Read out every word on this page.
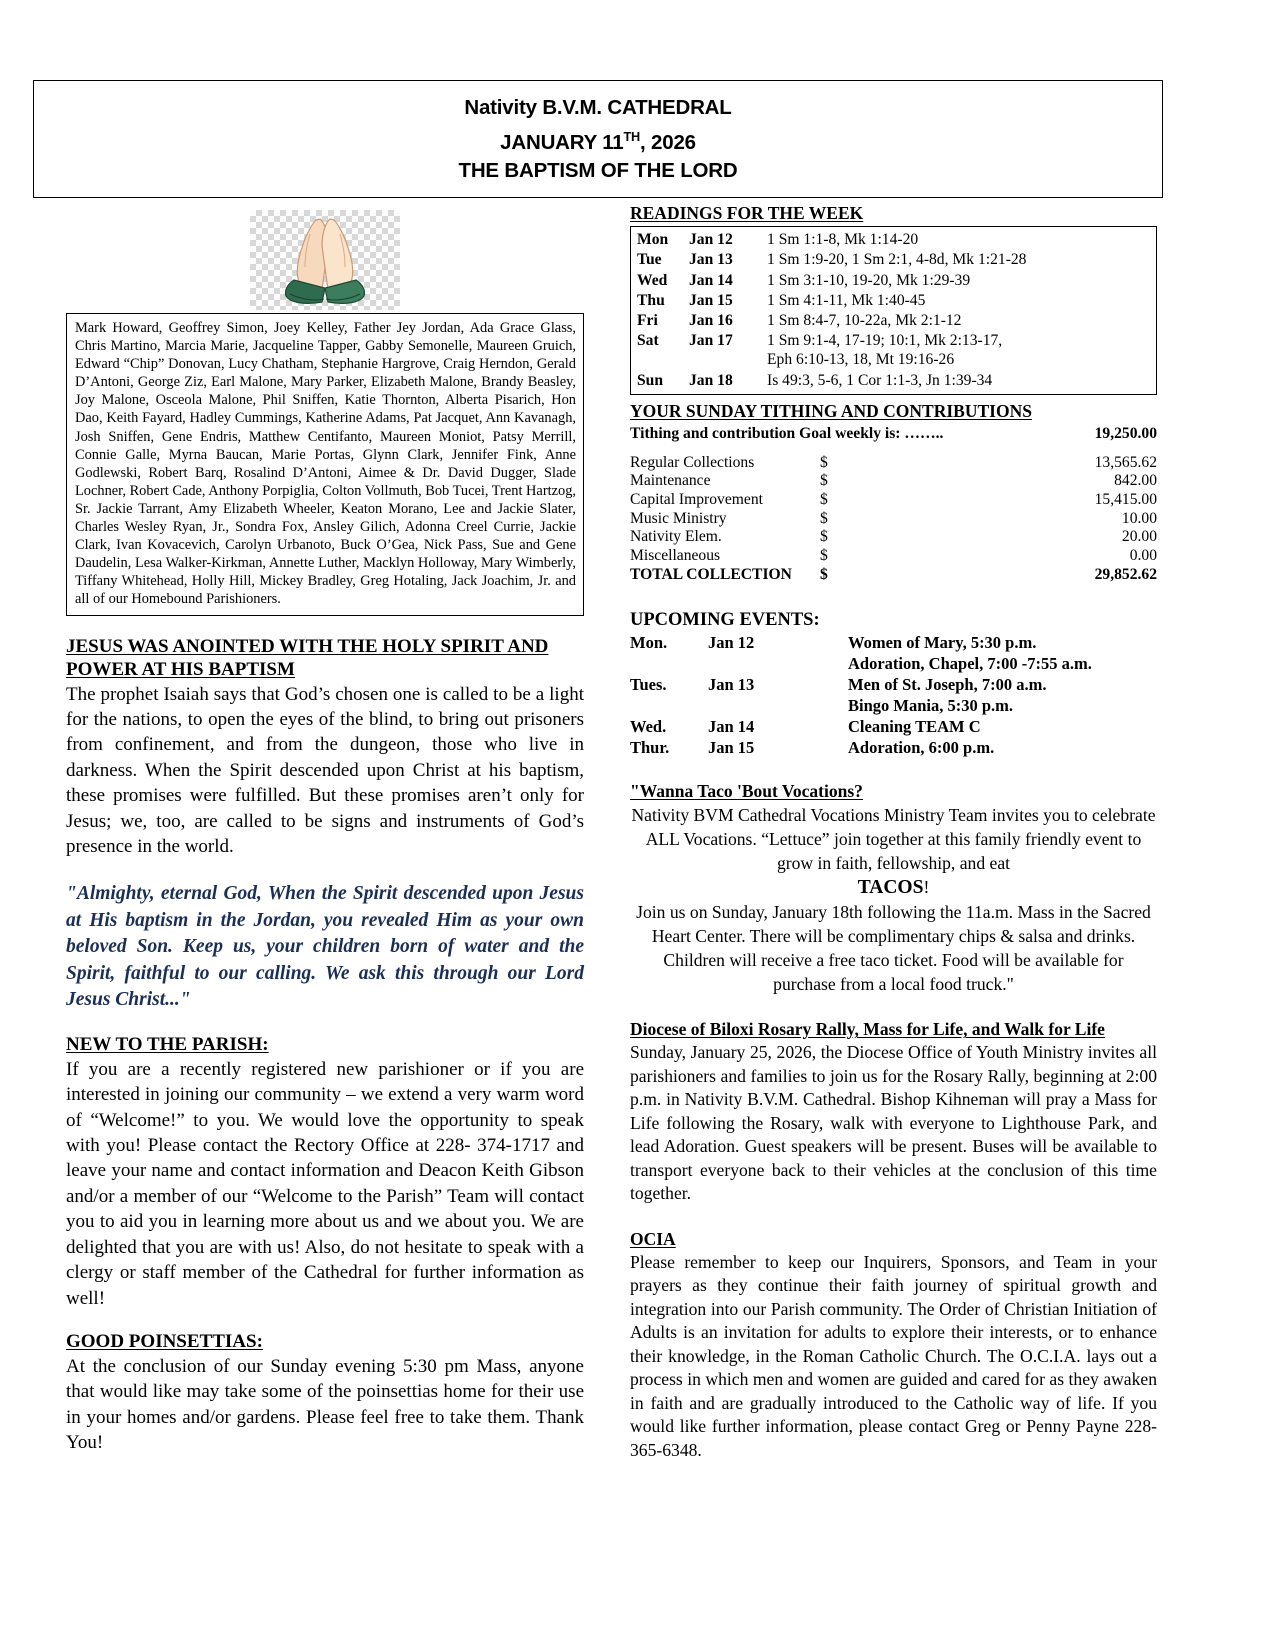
Nativity B.V.M. CATHEDRAL
JANUARY 11TH, 2026
THE BAPTISM OF THE LORD
Mark Howard, Geoffrey Simon, Joey Kelley, Father Jey Jordan, Ada Grace Glass, Chris Martino, Marcia Marie, Jacqueline Tapper, Gabby Semonelle, Maureen Gruich, Edward “Chip” Donovan, Lucy Chatham, Stephanie Hargrove, Craig Herndon, Gerald D’Antoni, George Ziz, Earl Malone, Mary Parker, Elizabeth Malone, Brandy Beasley, Joy Malone, Osceola Malone, Phil Sniffen, Katie Thornton, Alberta Pisarich, Hon Dao, Keith Fayard, Hadley Cummings, Katherine Adams, Pat Jacquet, Ann Kavanagh, Josh Sniffen, Gene Endris, Matthew Centifanto, Maureen Moniot, Patsy Merrill, Connie Galle, Myrna Baucan, Marie Portas, Glynn Clark, Jennifer Fink, Anne Godlewski, Robert Barq, Rosalind D’Antoni, Aimee & Dr. David Dugger, Slade Lochner, Robert Cade, Anthony Porpiglia, Colton Vollmuth, Bob Tucei, Trent Hartzog, Sr. Jackie Tarrant, Amy Elizabeth Wheeler, Keaton Morano, Lee and Jackie Slater, Charles Wesley Ryan, Jr., Sondra Fox, Ansley Gilich, Adonna Creel Currie, Jackie Clark, Ivan Kovacevich, Carolyn Urbanoto, Buck O’Gea, Nick Pass, Sue and Gene Daudelin, Lesa Walker-Kirkman, Annette Luther, Macklyn Holloway, Mary Wimberly, Tiffany Whitehead, Holly Hill, Mickey Bradley, Greg Hotaling, Jack Joachim, Jr. and all of our Homebound Parishioners.
JESUS WAS ANOINTED WITH THE HOLY SPIRIT AND POWER AT HIS BAPTISM
The prophet Isaiah says that God’s chosen one is called to be a light for the nations, to open the eyes of the blind, to bring out prisoners from confinement, and from the dungeon, those who live in darkness. When the Spirit descended upon Christ at his baptism, these promises were fulfilled. But these promises aren’t only for Jesus; we, too, are called to be signs and instruments of God’s presence in the world.
"Almighty, eternal God, When the Spirit descended upon Jesus at His baptism in the Jordan, you revealed Him as your own beloved Son. Keep us, your children born of water and the Spirit, faithful to our calling. We ask this through our Lord Jesus Christ..."
NEW TO THE PARISH:
If you are a recently registered new parishioner or if you are interested in joining our community – we extend a very warm word of “Welcome!” to you. We would love the opportunity to speak with you! Please contact the Rectory Office at 228- 374-1717 and leave your name and contact information and Deacon Keith Gibson and/or a member of our “Welcome to the Parish” Team will contact you to aid you in learning more about us and we about you. We are delighted that you are with us! Also, do not hesitate to speak with a clergy or staff member of the Cathedral for further information as well!
GOOD POINSETTIAS:
At the conclusion of our Sunday evening 5:30 pm Mass, anyone that would like may take some of the poinsettias home for their use in your homes and/or gardens. Please feel free to take them. Thank You!
READINGS FOR THE WEEK
Mon	Jan 12	1 Sm 1:1-8, Mk 1:14-20
Tue	Jan 13	1 Sm 1:9-20, 1 Sm 2:1, 4-8d, Mk 1:21-28
Wed	Jan 14	1 Sm 3:1-10, 19-20, Mk 1:29-39
Thu	Jan 15	1 Sm 4:1-11, Mk 1:40-45
Fri	Jan 16	1 Sm 8:4-7, 10-22a, Mk 2:1-12
Sat	Jan 17	1 Sm 9:1-4, 17-19; 10:1, Mk 2:13-17,
Eph 6:10-13, 18, Mt 19:16-26

Sun	Jan 18	Is 49:3, 5-6, 1 Cor 1:1-3, Jn 1:39-34
YOUR SUNDAY TITHING AND CONTRIBUTIONS
Tithing and contribution Goal weekly is: ……..	19,250.00
Regular Collections	$	13,565.62
Maintenance	$	842.00
Capital Improvement	$	15,415.00
Music Ministry	$	10.00
Nativity Elem.	$	20.00
Miscellaneous	$	0.00
TOTAL COLLECTION	$	29,852.62
UPCOMING EVENTS:
Mon.	Jan 12	Women of Mary, 5:30 p.m.
Adoration, Chapel, 7:00 -7:55 a.m.

Tues.	Jan 13	Men of St. Joseph, 7:00 a.m.
Bingo Mania, 5:30 p.m.

Wed.	Jan 14	Cleaning TEAM C
Thur.	Jan 15	Adoration, 6:00 p.m.
"Wanna Taco 'Bout Vocations?
Nativity BVM Cathedral Vocations Ministry Team invites you to celebrate ALL Vocations. “Lettuce” join together at this family friendly event to grow in faith, fellowship, and eat
TACOS!
Join us on Sunday, January 18th following the 11a.m. Mass in the Sacred Heart Center. There will be complimentary chips & salsa and drinks. Children will receive a free taco ticket. Food will be available for purchase from a local food truck."
Diocese of Biloxi Rosary Rally, Mass for Life, and Walk for Life
Sunday, January 25, 2026, the Diocese Office of Youth Ministry invites all parishioners and families to join us for the Rosary Rally, beginning at 2:00 p.m. in Nativity B.V.M. Cathedral. Bishop Kihneman will pray a Mass for Life following the Rosary, walk with everyone to Lighthouse Park, and lead Adoration. Guest speakers will be present. Buses will be available to transport everyone back to their vehicles at the conclusion of this time together.
OCIA
Please remember to keep our Inquirers, Sponsors, and Team in your prayers as they continue their faith journey of spiritual growth and integration into our Parish community. The Order of Christian Initiation of Adults is an invitation for adults to explore their interests, or to enhance their knowledge, in the Roman Catholic Church. The O.C.I.A. lays out a process in which men and women are guided and cared for as they awaken in faith and are gradually introduced to the Catholic way of life. If you would like further information, please contact Greg or Penny Payne 228-365-6348.
